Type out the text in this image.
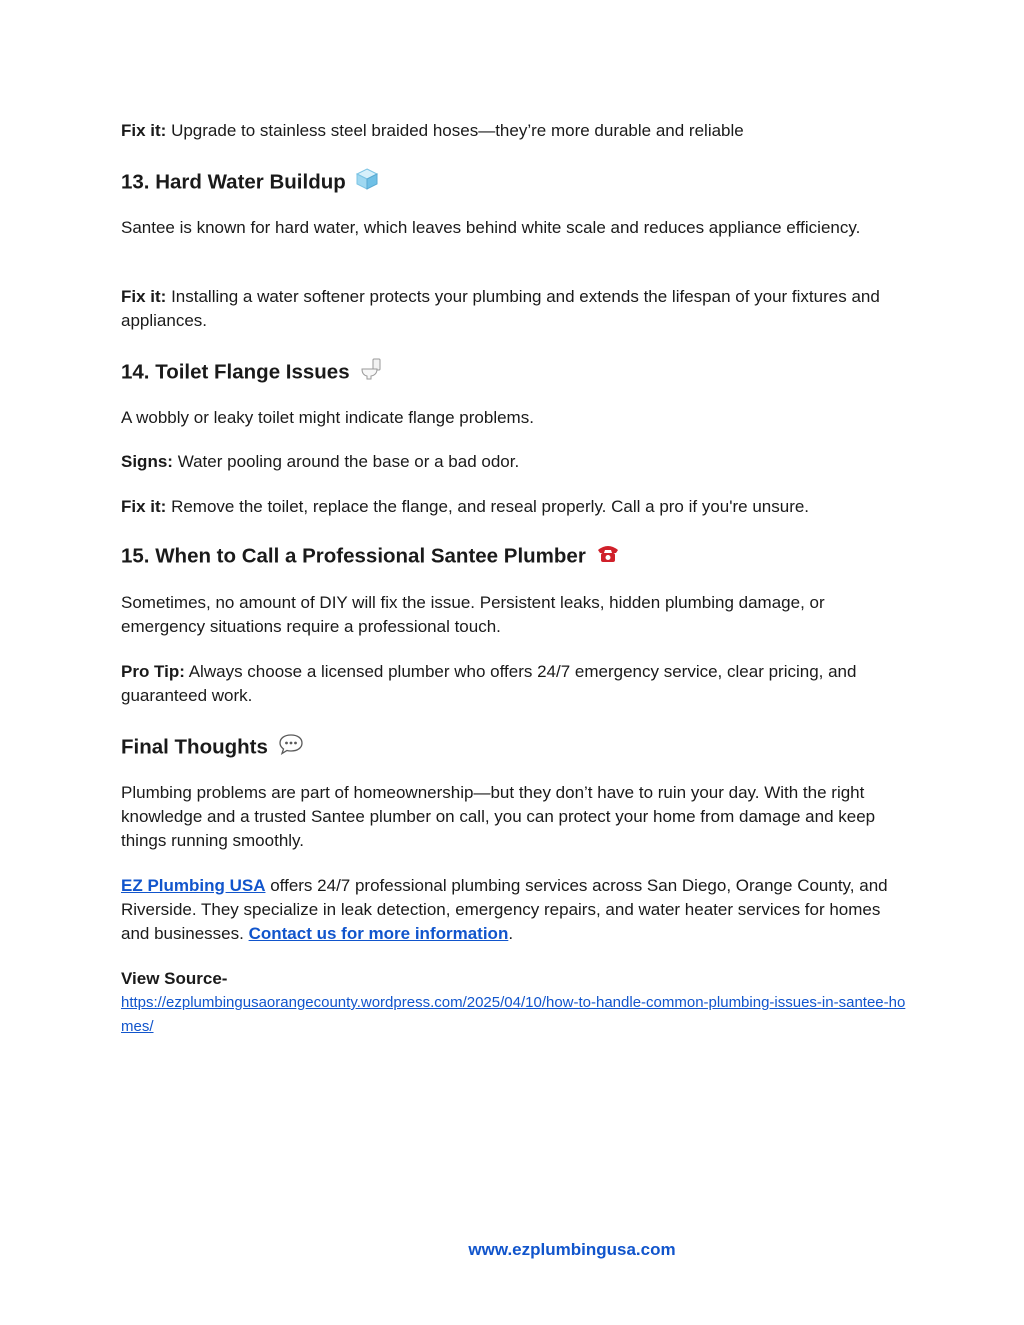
Fix it: Upgrade to stainless steel braided hoses—they’re more durable and reliable

13. Hard Water Buildup

Santee is known for hard water, which leaves behind white scale and reduces appliance efficiency.

Fix it: Installing a water softener protects your plumbing and extends the lifespan of your fixtures and appliances.

14. Toilet Flange Issues

A wobbly or leaky toilet might indicate flange problems.

Signs: Water pooling around the base or a bad odor.

Fix it: Remove the toilet, replace the flange, and reseal properly. Call a pro if you're unsure.

15. When to Call a Professional Santee Plumber

Sometimes, no amount of DIY will fix the issue. Persistent leaks, hidden plumbing damage, or emergency situations require a professional touch.

Pro Tip: Always choose a licensed plumber who offers 24/7 emergency service, clear pricing, and guaranteed work.

Final Thoughts

Plumbing problems are part of homeownership—but they don’t have to ruin your day. With the right knowledge and a trusted Santee plumber on call, you can protect your home from damage and keep things running smoothly.

EZ Plumbing USA offers 24/7 professional plumbing services across San Diego, Orange County, and Riverside. They specialize in leak detection, emergency repairs, and water heater services for homes and businesses. Contact us for more information.

View Source-

https://ezplumbingusaorangecounty.wordpress.com/2025/04/10/how-to-handle-common-plumbing-issues-in-santee-homes/
www.ezplumbingusa.com
